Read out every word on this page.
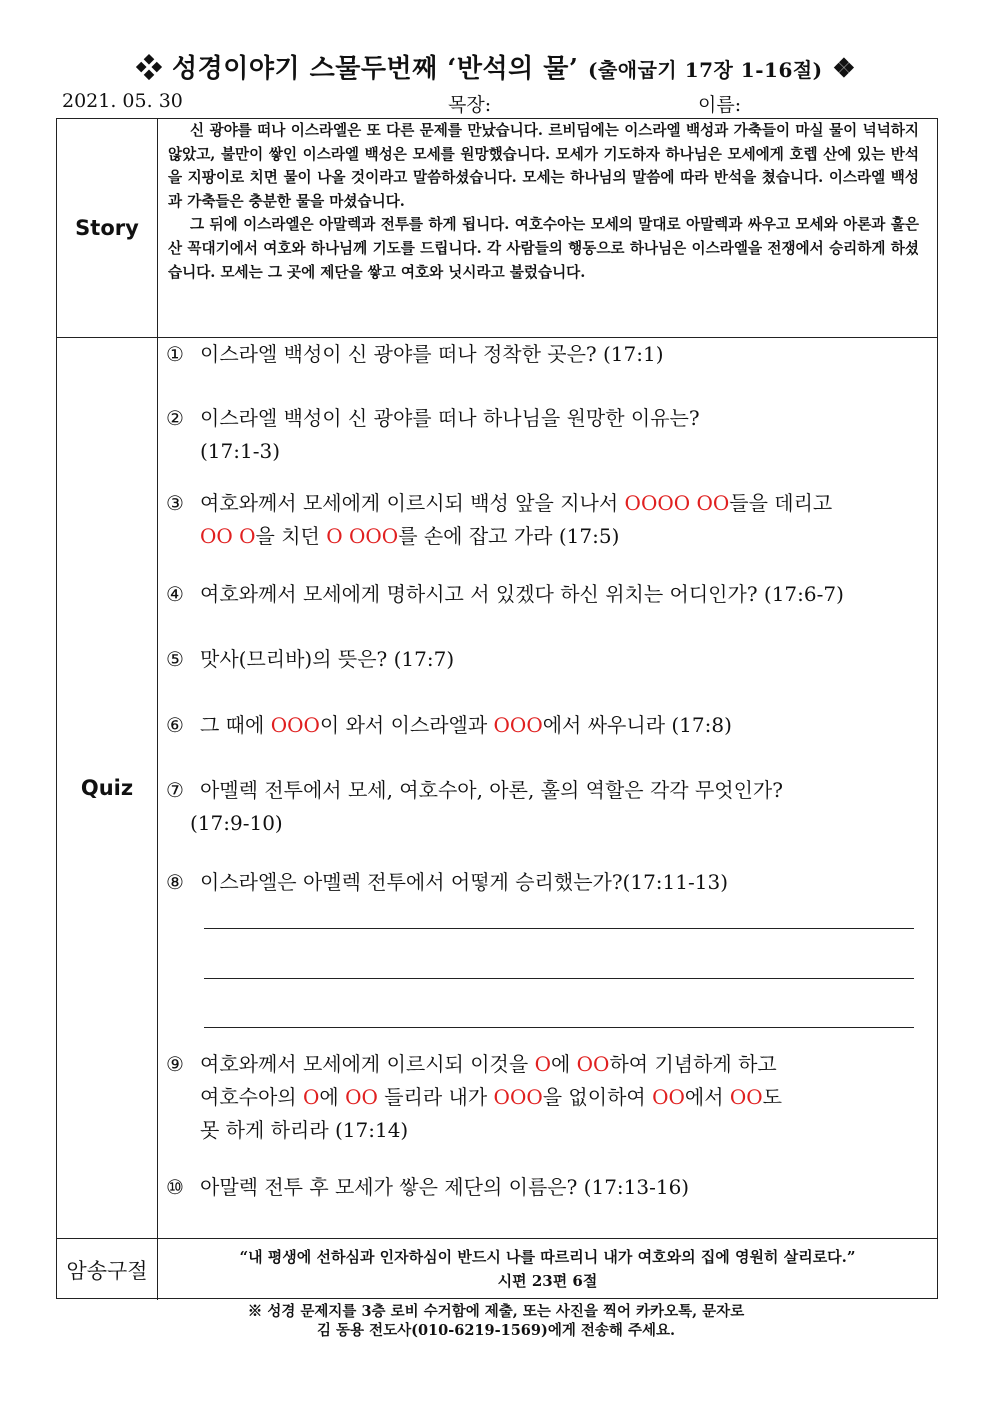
❖ 성경이야기 스물두번째 ‘반석의 물’ (출애굽기 17장 1-16절) ❖
2021. 05. 30	목장:	이름:
Story

신 광야를 떠나 이스라엘은 또 다른 문제를 만났습니다. 르비딤에는 이스라엘 백성과 가축들이 마실 물이 넉넉하지 않았고, 불만이 쌓인 이스라엘 백성은 모세를 원망했습니다. 모세가 기도하자 하나님은 모세에게 호렙 산에 있는 반석을 지팡이로 치면 물이 나올 것이라고 말씀하셨습니다. 모세는 하나님의 말씀에 따라 반석을 쳤습니다. 이스라엘 백성과 가축들은 충분한 물을 마셨습니다.

그 뒤에 이스라엘은 아말렉과 전투를 하게 됩니다. 여호수아는 모세의 말대로 아말렉과 싸우고 모세와 아론과 훌은 산 꼭대기에서 여호와 하나님께 기도를 드립니다. 각 사람들의 행동으로 하나님은 이스라엘을 전쟁에서 승리하게 하셨습니다. 모세는 그 곳에 제단을 쌓고 여호와 닛시라고 불렀습니다.

Quiz
① 이스라엘 백성이 신 광야를 떠나 정착한 곳은? (17:1)
② 이스라엘 백성이 신 광야를 떠나 하나님을 원망한 이유는?
(17:1-3)
③ 여호와께서 모세에게 이르시되 백성 앞을 지나서 OOOO OO들을 데리고
OO O을 치던 O OOO를 손에 잡고 가라 (17:5)
④ 여호와께서 모세에게 명하시고 서 있겠다 하신 위치는 어디인가? (17:6-7)
⑤ 맛사(므리바)의 뜻은? (17:7)
⑥ 그 때에 OOO이 와서 이스라엘과 OOO에서 싸우니라 (17:8)
⑦ 아멜렉 전투에서 모세, 여호수아, 아론, 훌의 역할은 각각 무엇인가?
(17:9-10)
⑧ 이스라엘은 아멜렉 전투에서 어떻게 승리했는가?(17:11-13)
⑨ 여호와께서 모세에게 이르시되 이것을 O에 OO하여 기념하게 하고
여호수아의 O에 OO 들리라 내가 OOO을 없이하여 OO에서 OO도
못 하게 하리라 (17:14)
⑩ 아말렉 전투 후 모세가 쌓은 제단의 이름은? (17:13-16)
암송구절
“내 평생에 선하심과 인자하심이 반드시 나를 따르리니 내가 여호와의 집에 영원히 살리로다.”
시편 23편 6절
※ 성경 문제지를 3층 로비 수거함에 제출, 또는 사진을 찍어 카카오톡, 문자로
김 동용 전도사(010-6219-1569)에게 전송해 주세요.
